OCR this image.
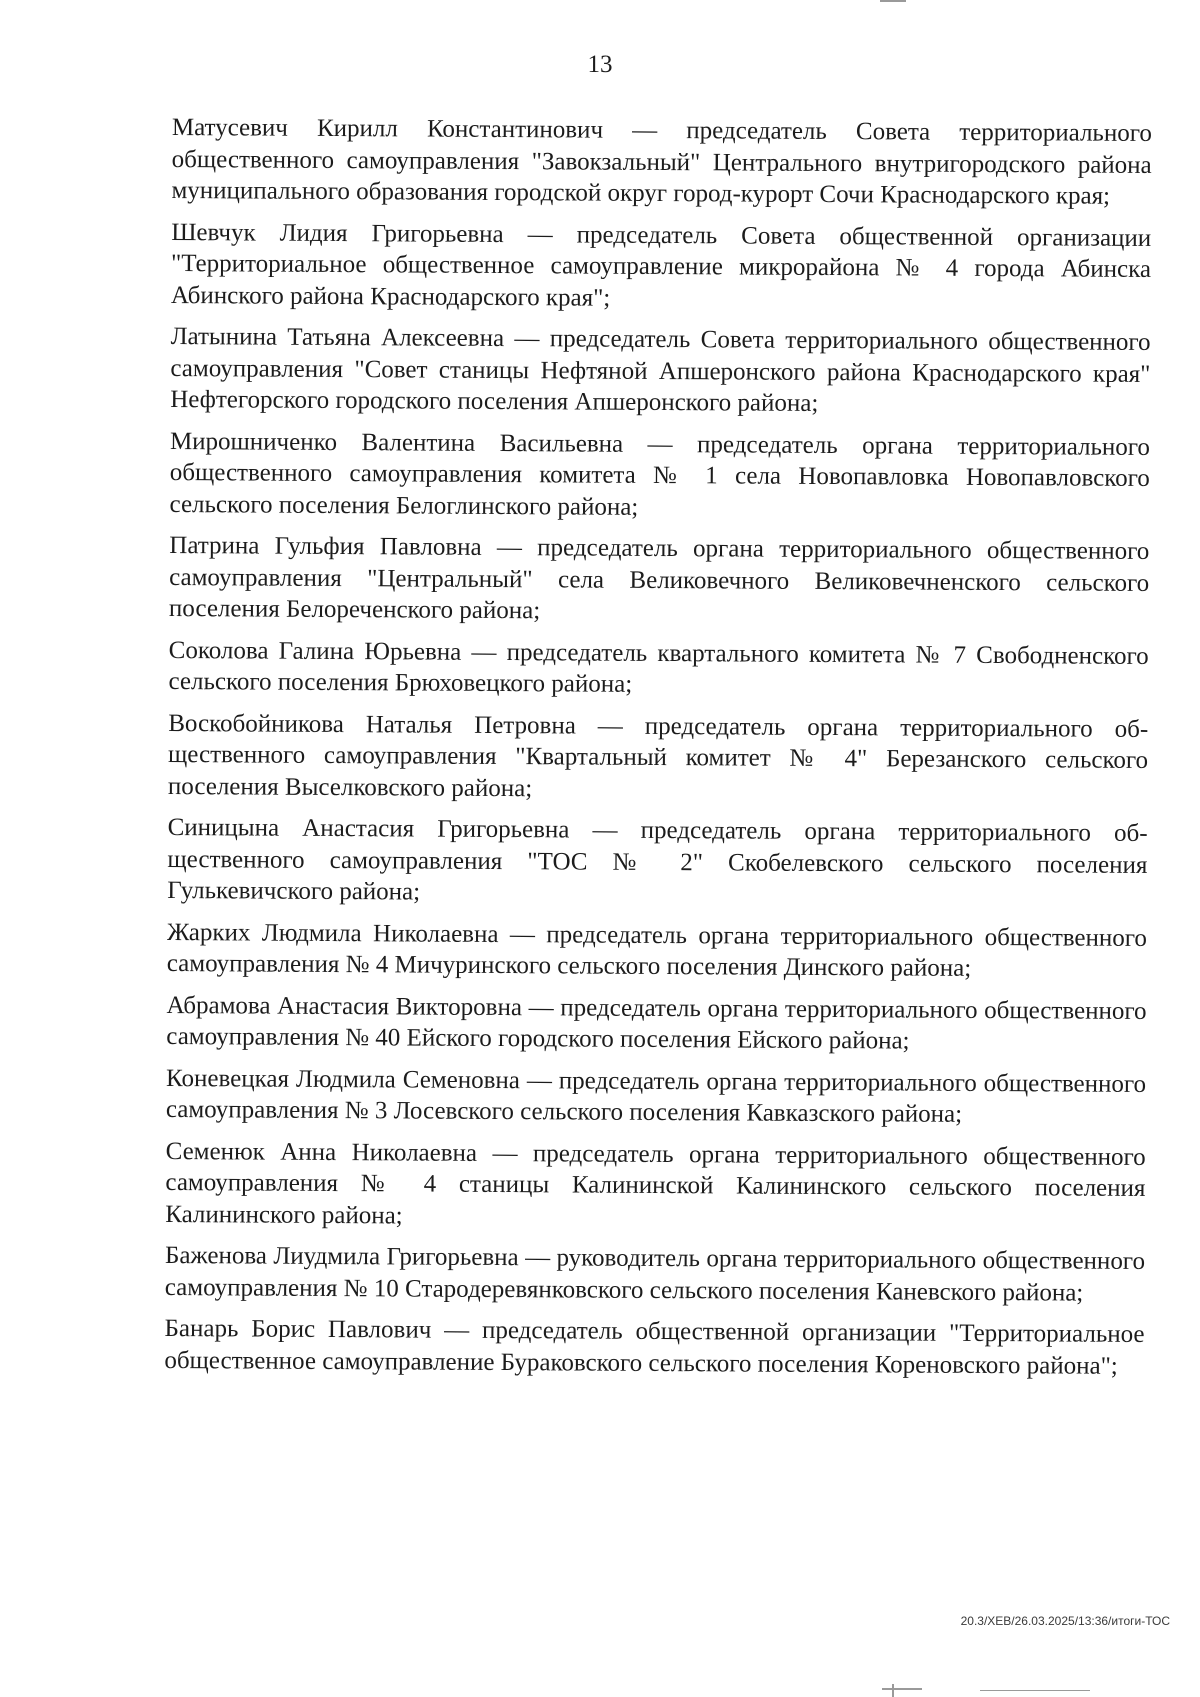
13

Матусевич Кирилл Константинович — председатель Совета территориального общественного самоуправления "Завокзальный" Центрального внутригородского района муниципального образования городской округ город-курорт Сочи Краснодарского края;

Шевчук Лидия Григорьевна — председатель Совета общественной организации "Территориальное общественное самоуправление микрорайона № 4 города Абинска Абинского района Краснодарского края";

Латынина Татьяна Алексеевна — председатель Совета территориального общественного самоуправления "Совет станицы Нефтяной Апшеронского района Краснодарского края" Нефтегорского городского поселения Апшеронского района;

Мирошниченко Валентина Васильевна — председатель органа территориального общественного самоуправления комитета № 1 села Новопавловка Новопавловского сельского поселения Белоглинского района;

Патрина Гульфия Павловна — председатель органа территориального общественного самоуправления "Центральный" села Великовечного Великовечненского сельского поселения Белореченского района;

Соколова Галина Юрьевна — председатель квартального комитета № 7 Свободненского сельского поселения Брюховецкого района;

Воскобойникова Наталья Петровна — председатель органа территориального общественного самоуправления "Квартальный комитет № 4" Березанского сельского поселения Выселковского района;

Синицына Анастасия Григорьевна — председатель органа территориального общественного самоуправления "ТОС № 2" Скобелевского сельского поселения Гулькевичского района;

Жарких Людмила Николаевна — председатель органа территориального общественного самоуправления № 4 Мичуринского сельского поселения Динского района;

Абрамова Анастасия Викторовна — председатель органа территориального общественного самоуправления № 40 Ейского городского поселения Ейского района;

Коневецкая Людмила Семеновна — председатель органа территориального общественного самоуправления № 3 Лосевского сельского поселения Кавказского района;

Семенюк Анна Николаевна — председатель органа территориального общественного самоуправления № 4 станицы Калининской Калининского сельского поселения Калининского района;

Баженова Лиудмила Григорьевна — руководитель органа территориального общественного самоуправления № 10 Стародеревянковского сельского поселения Каневского района;

Банарь Борис Павлович — председатель общественной организации "Территориальное общественное самоуправление Бураковского сельского поселения Кореновского района";

20.3/ХЕВ/26.03.2025/13:36/итоги-ТОС
